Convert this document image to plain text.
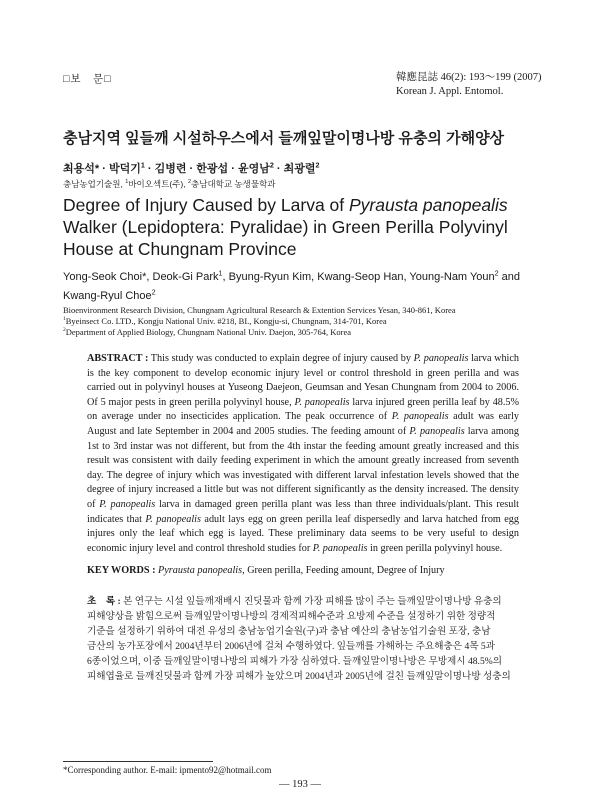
□보　문□	韓應昆誌 46(2): 193～199 (2007)
Korean J. Appl. Entomol.
충남지역 잎들깨 시설하우스에서 들깨잎말이명나방 유충의 가해양상
최용석* · 박덕기$^1$ · 김병련 · 한광섭 · 윤영남$^2$ · 최광렬$^2$
충남농업기술원, $^1$바이오섹트(주), $^2$충남대학교 농생물학과
Degree of Injury Caused by Larva of Pyrausta panopealis Walker (Lepidoptera: Pyralidae) in Green Perilla Polyvinyl House at Chungnam Province
Yong-Seok Choi*, Deok-Gi Park$^1$, Byung-Ryun Kim, Kwang-Seop Han, Young-Nam Youn$^2$ and Kwang-Ryul Choe$^2$
Bioenvironment Research Division, Chungnam Agricultural Research & Extention Services Yesan, 340-861, Korea
$^1$Byeinsect Co. LTD., Kongju National Univ. #218, BI., Kongju-si, Chungnam, 314-701, Korea
$^2$Department of Applied Biology, Chungnam National Univ. Daejon, 305-764, Korea

ABSTRACT : This study was conducted to explain degree of injury caused by P. panopealis larva which is the key component to develop economic injury level or control threshold in green perilla and was carried out in polyvinyl houses at Yuseong Daejeon, Geumsan and Yesan Chungnam from 2004 to 2006. Of 5 major pests in green perilla polyvinyl house, P. panopealis larva injured green perilla leaf by 48.5% on average under no insecticides application. The peak occurrence of P. panopealis adult was early August and late September in 2004 and 2005 studies. The feeding amount of P. panopealis larva among 1st to 3rd instar was not different, but from the 4th instar the feeding amount greatly increased and this result was consistent with daily feeding experiment in which the amount greatly increased from seventh day. The degree of injury which was investigated with different larval infestation levels showed that the degree of injury increased a little but was not different significantly as the density increased. The density of P. panopealis larva in damaged green perilla plant was less than three individuals/plant. This result indicates that P. panopealis adult lays egg on green perilla leaf dispersedly and larva hatched from egg injures only the leaf which egg is layed. These preliminary data seems to be very useful to design economic injury level and control threshold studies for P. panopealis in green perilla polyvinyl house.

KEY WORDS : Pyrausta panopealis, Green perilla, Feeding amount, Degree of Injury

초　록 : 본 연구는 시설 잎들깨재배시 진딧물과 함께 가장 피해를 많이 주는 들깨잎말이명나방 유충의
피해양상을 밝힘으로써 들깨잎말이명나방의 경제적피해수준과 요방제 수준을 설정하기 위한 정량적
기준을 설정하기 위하여 대전 유성의 충남농업기술원(구)과 충남 예산의 충남농업기술원 포장, 충남
금산의 농가포장에서 2004년부터 2006년에 걸쳐 수행하였다. 잎들깨를 가해하는 주요해충은 4목 5과
6종이었으며, 이중 들깨잎말이명나방의 피해가 가장 심하였다. 들깨잎말이명나방은 무방제시 48.5%의
피해엽율로 들깨진딧물과 함께 가장 피해가 높았으며 2004년과 2005년에 걸친 들깨잎말이명나방 성충의
*Corresponding author. E-mail: ipmento92@hotmail.com
— 193 —
